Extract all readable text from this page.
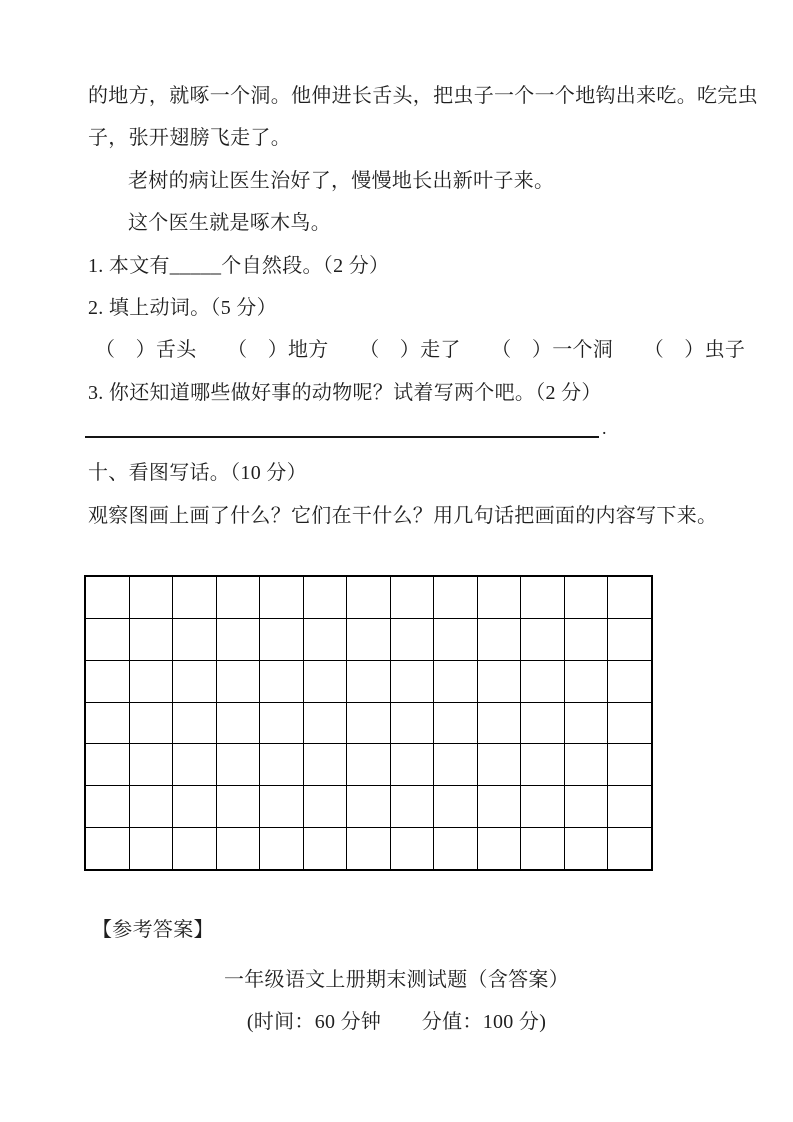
的地方，就啄一个洞。他伸进长舌头，把虫子一个一个地钩出来吃。吃完虫
子，张开翅膀飞走了。
老树的病让医生治好了，慢慢地长出新叶子来。
这个医生就是啄木鸟。
1. 本文有_____个自然段。（2 分）
2. 填上动词。（5 分）
（　）舌头　　（　）地方　　（　）走了　　（　）一个洞　　（　）虫子
3. 你还知道哪些做好事的动物呢？试着写两个吧。（2 分）
.
十、看图写话。（10 分）
观察图画上画了什么？它们在干什么？用几句话把画面的内容写下来。
【参考答案】
一年级语文上册期末测试题（含答案）
(时间：60 分钟　　分值：100 分)
